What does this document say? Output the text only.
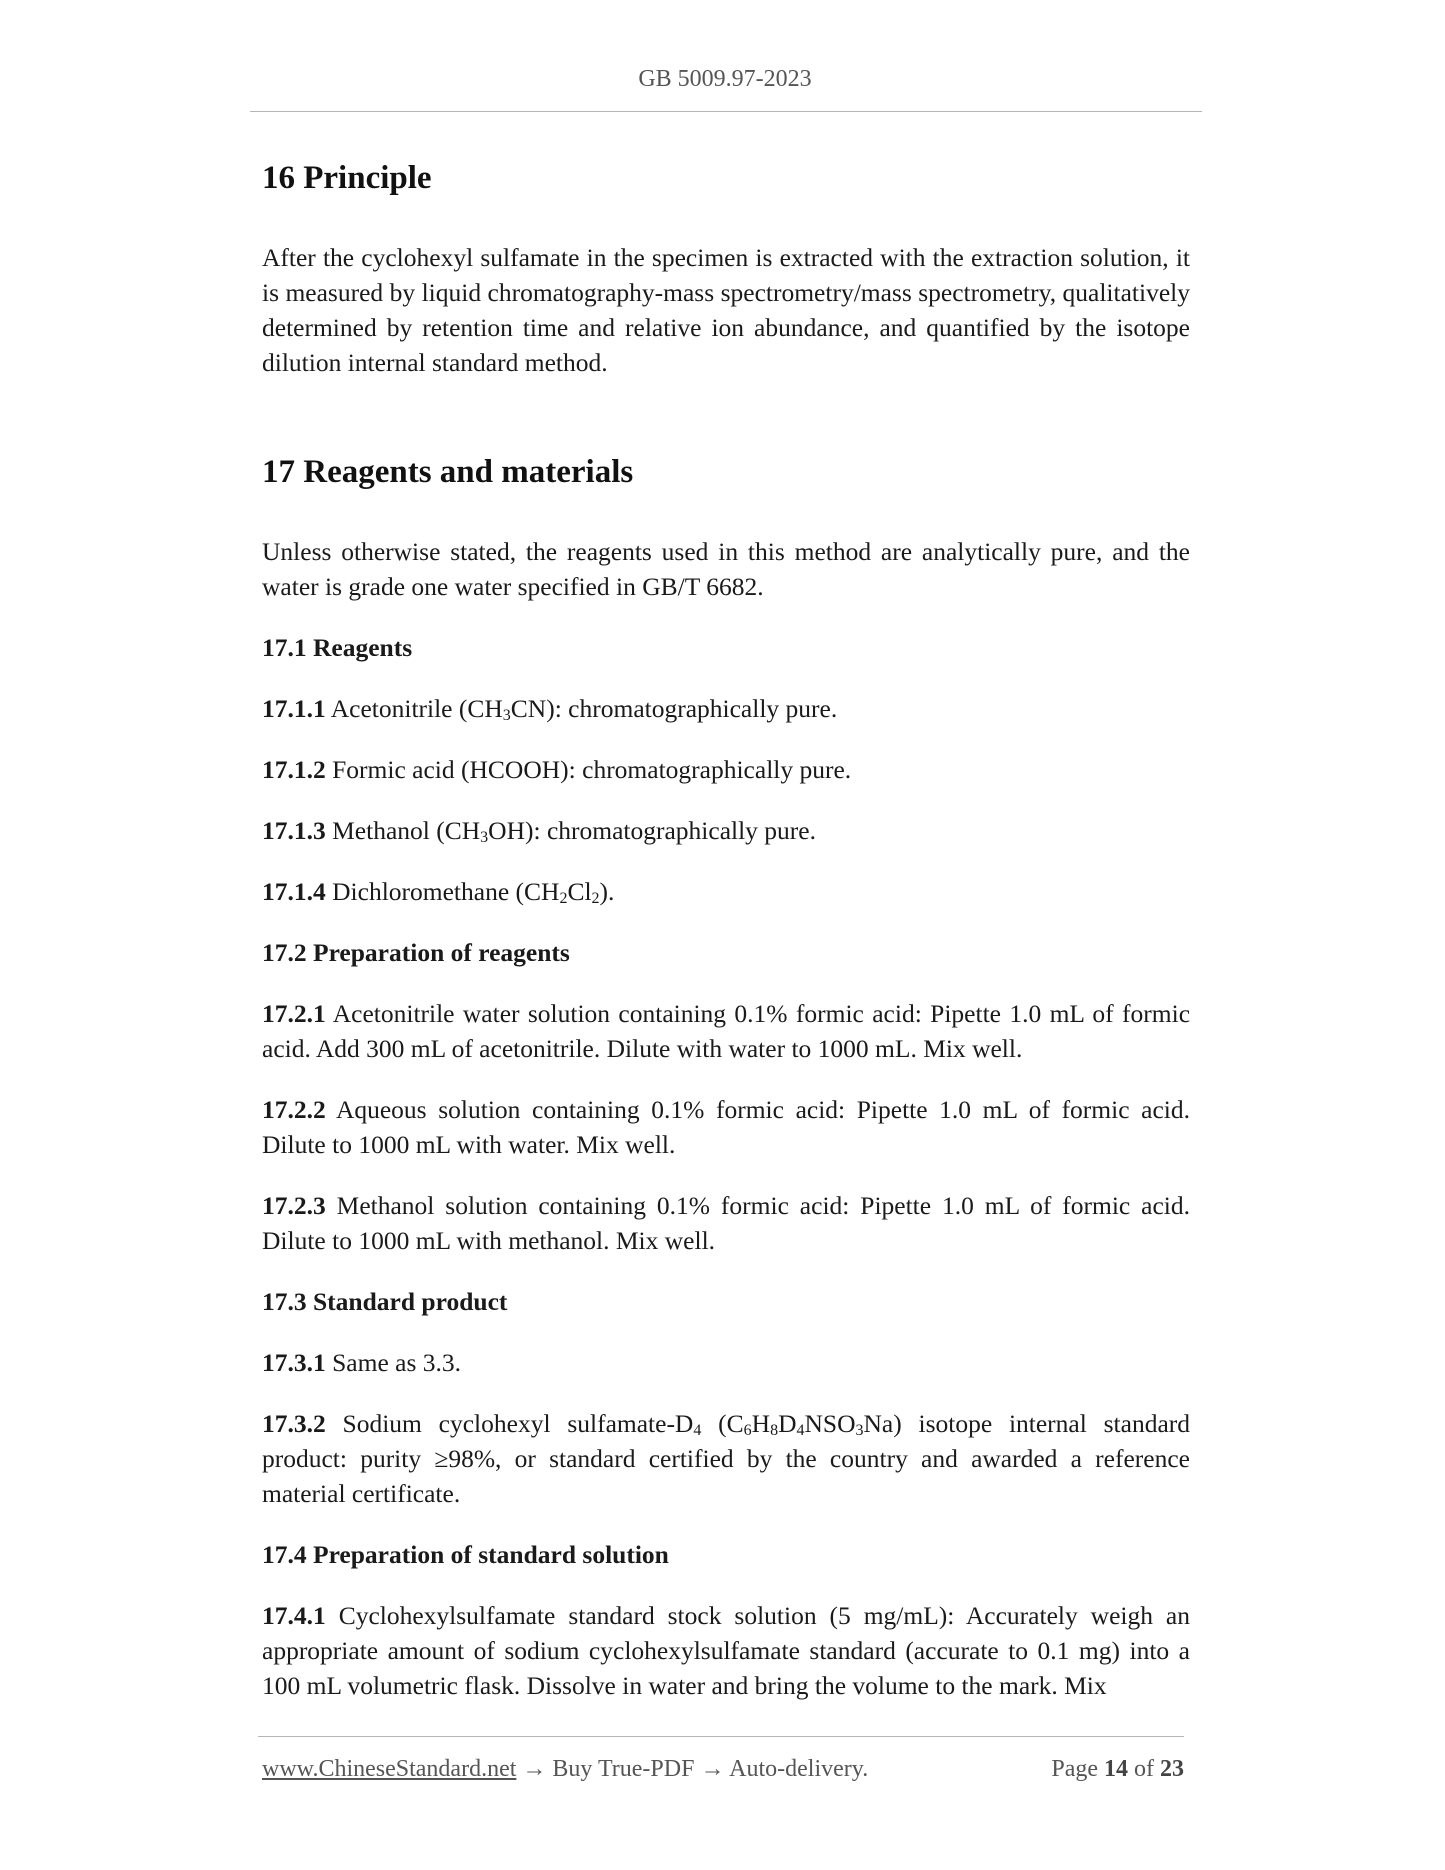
GB 5009.97-2023
16 Principle

After the cyclohexyl sulfamate in the specimen is extracted with the extraction solution, it is measured by liquid chromatography-mass spectrometry/mass spectrometry, qualitatively determined by retention time and relative ion abundance, and quantified by the isotope dilution internal standard method.

17 Reagents and materials

Unless otherwise stated, the reagents used in this method are analytically pure, and the water is grade one water specified in GB/T 6682.

17.1 Reagents

17.1.1 Acetonitrile (CH3CN): chromatographically pure.

17.1.2 Formic acid (HCOOH): chromatographically pure.

17.1.3 Methanol (CH3OH): chromatographically pure.

17.1.4 Dichloromethane (CH2Cl2).

17.2 Preparation of reagents

17.2.1 Acetonitrile water solution containing 0.1% formic acid: Pipette 1.0 mL of formic acid. Add 300 mL of acetonitrile. Dilute with water to 1000 mL. Mix well.

17.2.2 Aqueous solution containing 0.1% formic acid: Pipette 1.0 mL of formic acid. Dilute to 1000 mL with water. Mix well.

17.2.3 Methanol solution containing 0.1% formic acid: Pipette 1.0 mL of formic acid. Dilute to 1000 mL with methanol. Mix well.

17.3 Standard product

17.3.1 Same as 3.3.

17.3.2 Sodium cyclohexyl sulfamate-D4 (C6H8D4NSO3Na) isotope internal standard product: purity ≥98%, or standard certified by the country and awarded a reference material certificate.

17.4 Preparation of standard solution

17.4.1 Cyclohexylsulfamate standard stock solution (5 mg/mL): Accurately weigh an appropriate amount of sodium cyclohexylsulfamate standard (accurate to 0.1 mg) into a 100 mL volumetric flask. Dissolve in water and bring the volume to the mark. Mix

www.ChineseStandard.net → Buy True-PDF → Auto-delivery.	Page 14 of 23
